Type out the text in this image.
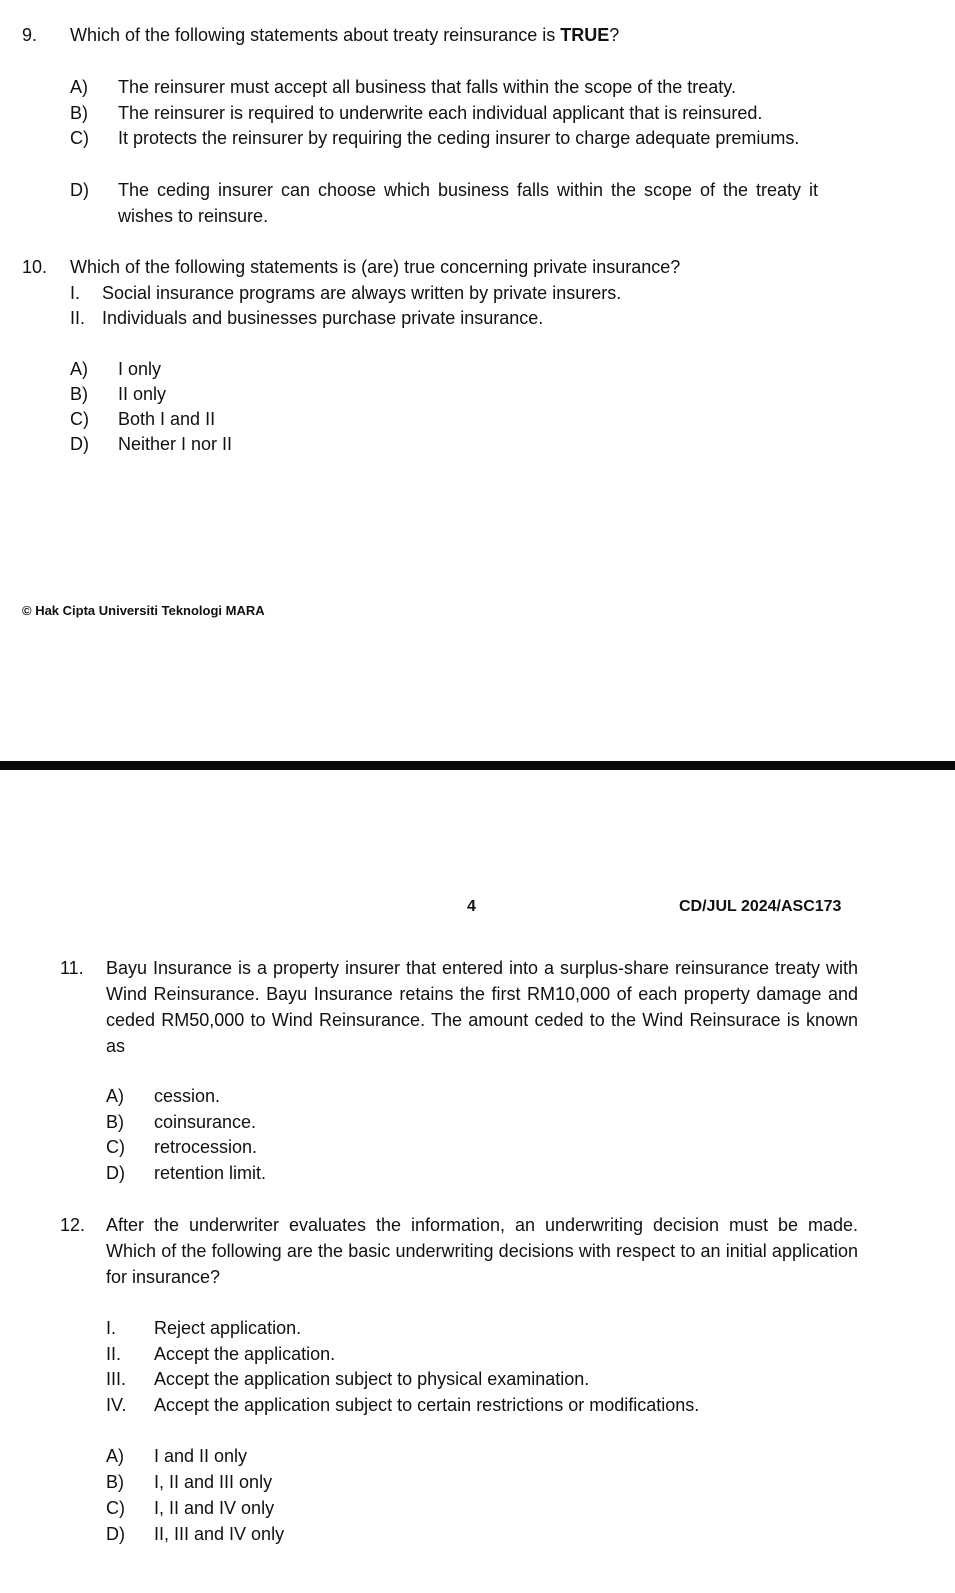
9. Which of the following statements about treaty reinsurance is TRUE?
A) The reinsurer must accept all business that falls within the scope of the treaty.
B) The reinsurer is required to underwrite each individual applicant that is reinsured.
C) It protects the reinsurer by requiring the ceding insurer to charge adequate premiums.
D) The ceding insurer can choose which business falls within the scope of the treaty it wishes to reinsure.
10. Which of the following statements is (are) true concerning private insurance?
I. Social insurance programs are always written by private insurers.
II. Individuals and businesses purchase private insurance.
A) I only
B) II only
C) Both I and II
D) Neither I nor II
© Hak Cipta Universiti Teknologi MARA
4	CD/JUL 2024/ASC173
11. Bayu Insurance is a property insurer that entered into a surplus-share reinsurance treaty with Wind Reinsurance. Bayu Insurance retains the first RM10,000 of each property damage and ceded RM50,000 to Wind Reinsurance. The amount ceded to the Wind Reinsurace is known as
A) cession.
B) coinsurance.
C) retrocession.
D) retention limit.
12. After the underwriter evaluates the information, an underwriting decision must be made. Which of the following are the basic underwriting decisions with respect to an initial application for insurance?
I. Reject application.
II. Accept the application.
III. Accept the application subject to physical examination.
IV. Accept the application subject to certain restrictions or modifications.
A) I and II only
B) I, II and III only
C) I, II and IV only
D) II, III and IV only
